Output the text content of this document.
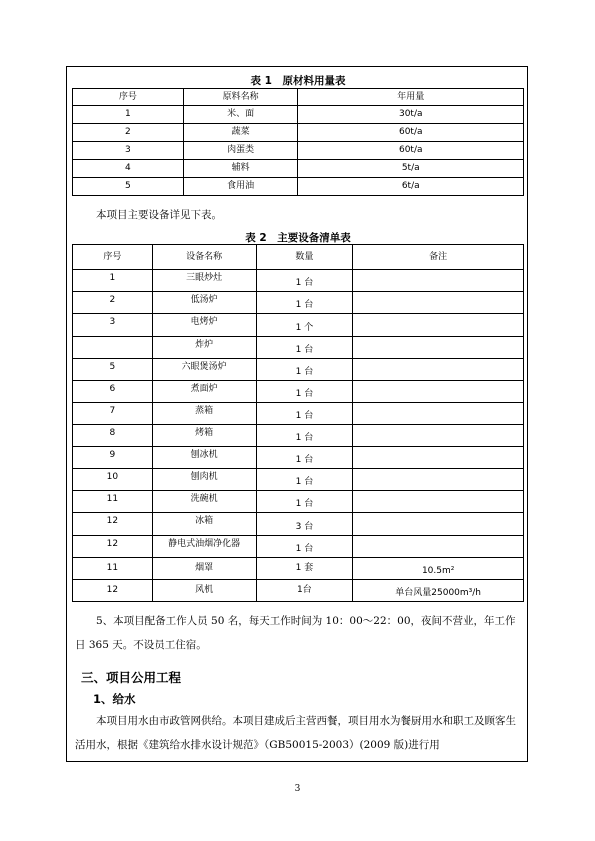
表 1　原材料用量表
序号	原料名称	年用量
1	米、面	30t/a
2	蔬菜	60t/a
3	肉蛋类	60t/a
4	辅料	5t/a
5	食用油	6t/a
本项目主要设备详见下表。
表 2　主要设备清单表
序号	设备名称	数量	备注
1	三眼炒灶	1 台	
2	低汤炉	1 台	
3	电烤炉	1 个	
	炸炉	1 台	
5	六眼煲汤炉	1 台	
6	煮面炉	1 台	
7	蒸箱	1 台	
8	烤箱	1 台	
9	刨冰机	1 台	
10	刨肉机	1 台	
11	洗碗机	1 台	
12	冰箱	3 台	
12	静电式油烟净化器	1 台	
11	烟罩	1 套	10.5m²
12	风机	1台	单台风量25000m³/h
5、本项目配备工作人员 50 名，每天工作时间为 10：00～22：00，夜间不营业，年工作日 365 天。不设员工住宿。
三、项目公用工程
1、给水
本项目用水由市政管网供给。本项目建成后主营西餐，项目用水为餐厨用水和职工及顾客生活用水，根据《建筑给水排水设计规范》（GB50015-2003）(2009 版)进行用
3
